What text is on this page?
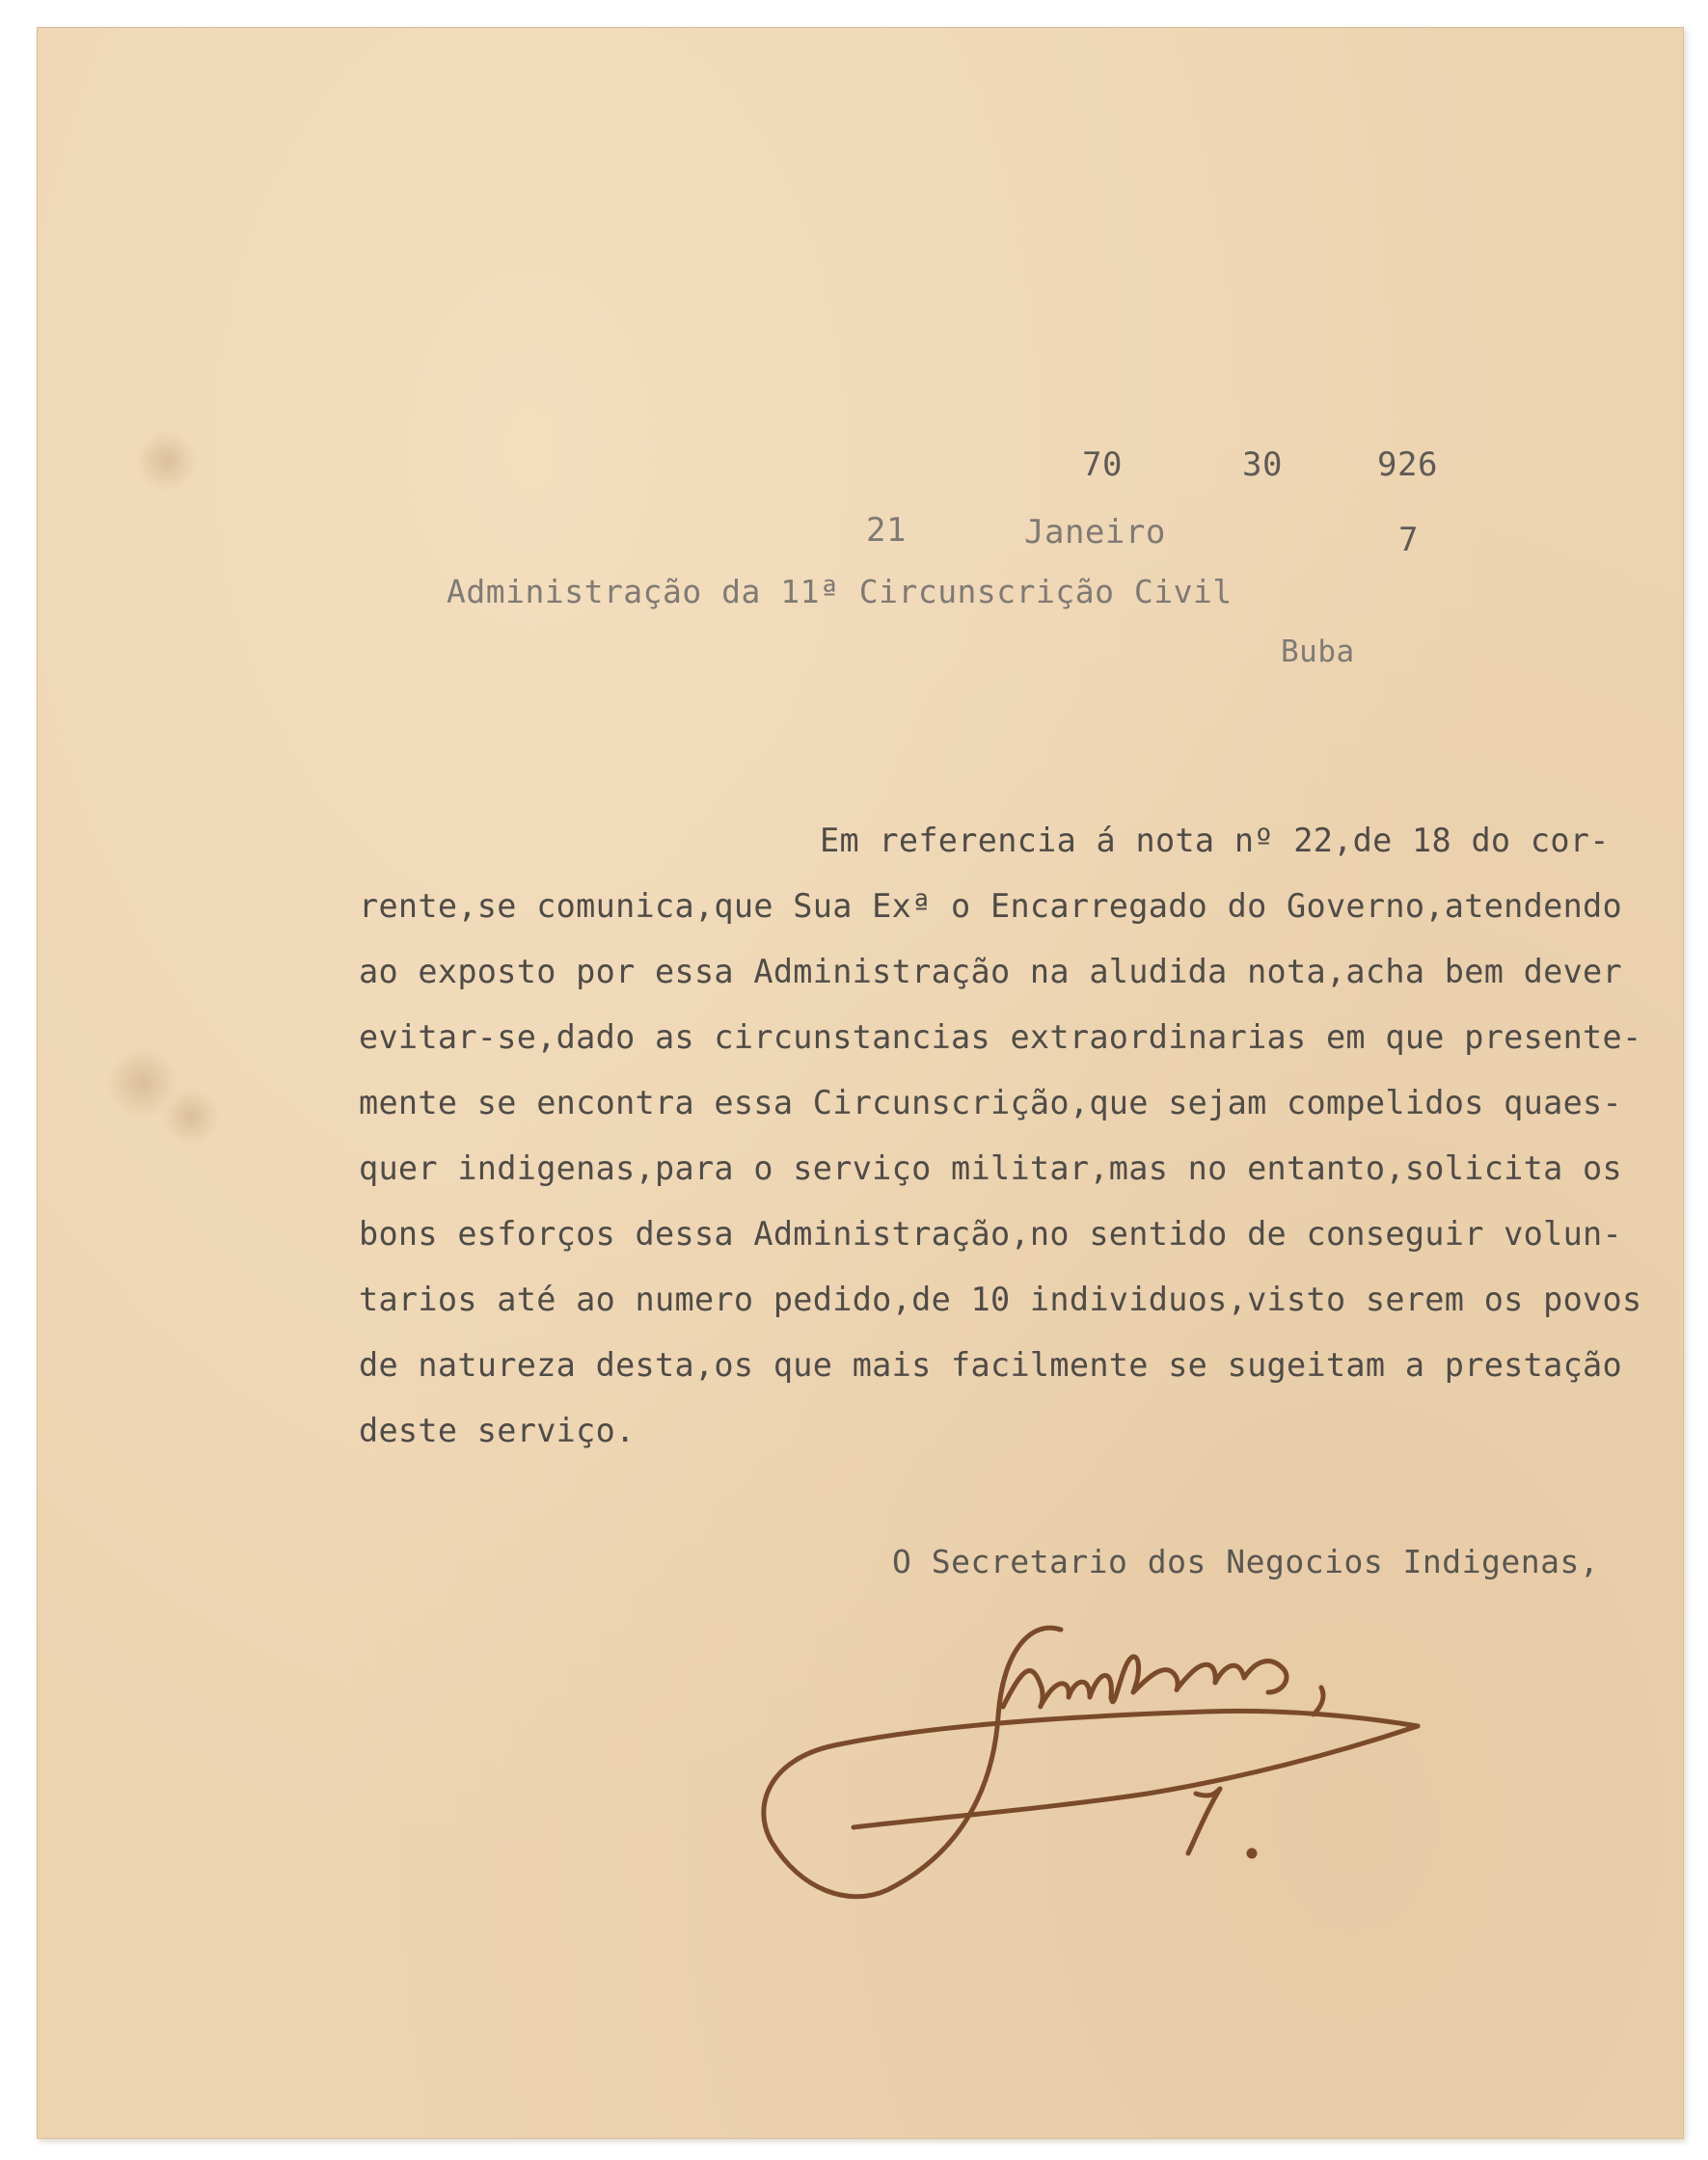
70	30	926

21	Janeiro	7

Administração da 11ª Circunscrição Civil

Buba

Em referencia á nota nº 22,de 18 do cor-
rente,se comunica,que Sua Exª o Encarregado do Governo,atendendo
ao exposto por essa Administração na aludida nota,acha bem dever
evitar-se,dado as circunstancias extraordinarias em que presente-
mente se encontra essa Circunscrição,que sejam compelidos quaes-
quer indigenas,para o serviço militar,mas no entanto,solicita os
bons esforços dessa Administração,no sentido de conseguir volun-
tarios até ao numero pedido,de 10 individuos,visto serem os povos
de natureza desta,os que mais facilmente se sugeitam a prestação
deste serviço.

O Secretario dos Negocios Indigenas,
